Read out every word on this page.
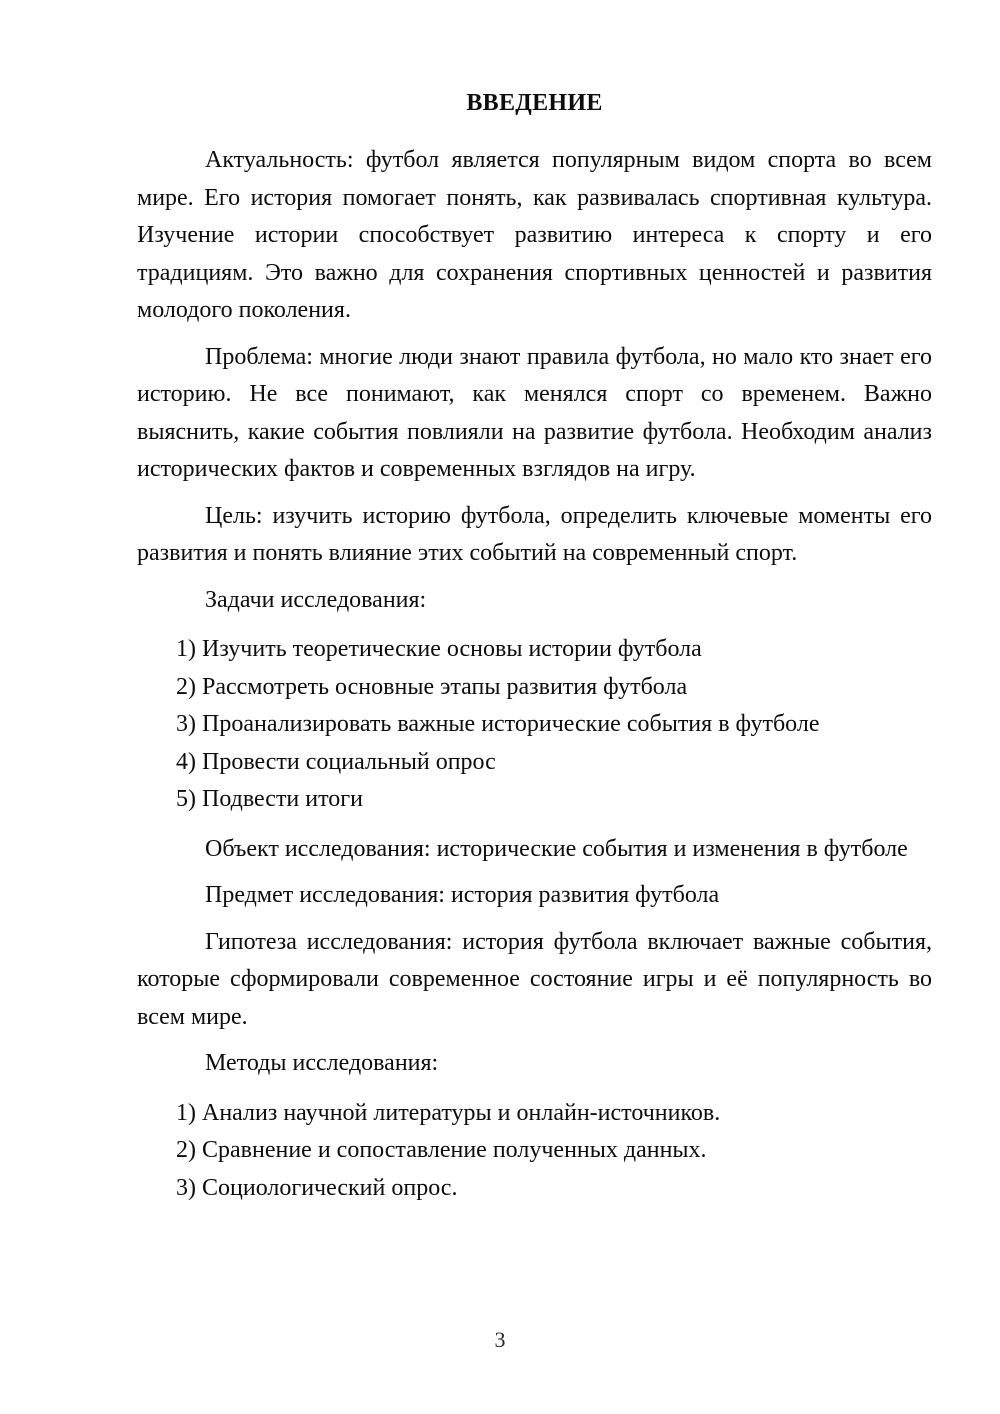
ВВЕДЕНИЕ

Актуальность: футбол является популярным видом спорта во всем мире. Его история помогает понять, как развивалась спортивная культура. Изучение истории способствует развитию интереса к спорту и его традициям. Это важно для сохранения спортивных ценностей и развития молодого поколения.

Проблема: многие люди знают правила футбола, но мало кто знает его историю. Не все понимают, как менялся спорт со временем. Важно выяснить, какие события повлияли на развитие футбола. Необходим анализ исторических фактов и современных взглядов на игру.

Цель: изучить историю футбола, определить ключевые моменты его развития и понять влияние этих событий на современный спорт.

Задачи исследования:

1) Изучить теоретические основы истории футбола
2) Рассмотреть основные этапы развития футбола
3) Проанализировать важные исторические события в футболе
4) Провести социальный опрос
5) Подвести итоги

Объект исследования: исторические события и изменения в футболе

Предмет исследования: история развития футбола

Гипотеза исследования: история футбола включает важные события, которые сформировали современное состояние игры и её популярность во всем мире.

Методы исследования:

1) Анализ научной литературы и онлайн-источников.
2) Сравнение и сопоставление полученных данных.
3) Социологический опрос.
3
